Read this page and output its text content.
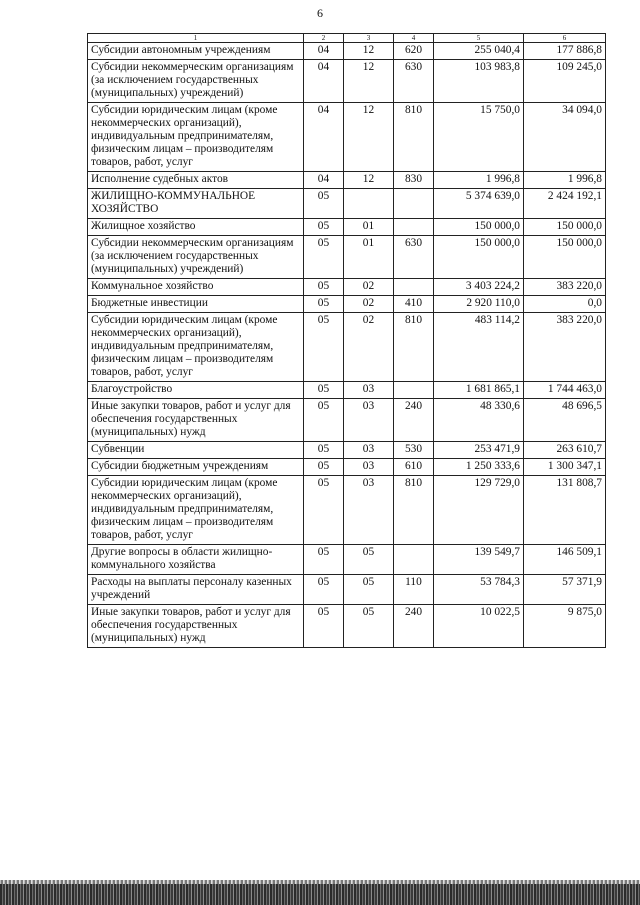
6
1	2	3	4	5	6
Субсидии автономным учреждениям	04	12	620	255 040,4	177 886,8
Субсидии некоммерческим организациям (за исключением государственных (муниципальных) учреждений)	04	12	630	103 983,8	109 245,0
Субсидии юридическим лицам (кроме некоммерческих организаций), индивидуальным предпринимателям, физическим лицам – производителям товаров, работ, услуг	04	12	810	15 750,0	34 094,0
Исполнение судебных актов	04	12	830	1 996,8	1 996,8
ЖИЛИЩНО-КОММУНАЛЬНОЕ ХОЗЯЙСТВО	05			5 374 639,0	2 424 192,1
Жилищное хозяйство	05	01		150 000,0	150 000,0
Субсидии некоммерческим организациям (за исключением государственных (муниципальных) учреждений)	05	01	630	150 000,0	150 000,0
Коммунальное хозяйство	05	02		3 403 224,2	383 220,0
Бюджетные инвестиции	05	02	410	2 920 110,0	0,0
Субсидии юридическим лицам (кроме некоммерческих организаций), индивидуальным предпринимателям, физическим лицам – производителям товаров, работ, услуг	05	02	810	483 114,2	383 220,0
Благоустройство	05	03		1 681 865,1	1 744 463,0
Иные закупки товаров, работ и услуг для обеспечения государственных (муниципальных) нужд	05	03	240	48 330,6	48 696,5
Субвенции	05	03	530	253 471,9	263 610,7
Субсидии бюджетным учреждениям	05	03	610	1 250 333,6	1 300 347,1
Субсидии юридическим лицам (кроме некоммерческих организаций), индивидуальным предпринимателям, физическим лицам – производителям товаров, работ, услуг	05	03	810	129 729,0	131 808,7
Другие вопросы в области жилищно-коммунального хозяйства	05	05		139 549,7	146 509,1
Расходы на выплаты персоналу казенных учреждений	05	05	110	53 784,3	57 371,9
Иные закупки товаров, работ и услуг для обеспечения государственных (муниципальных) нужд	05	05	240	10 022,5	9 875,0
